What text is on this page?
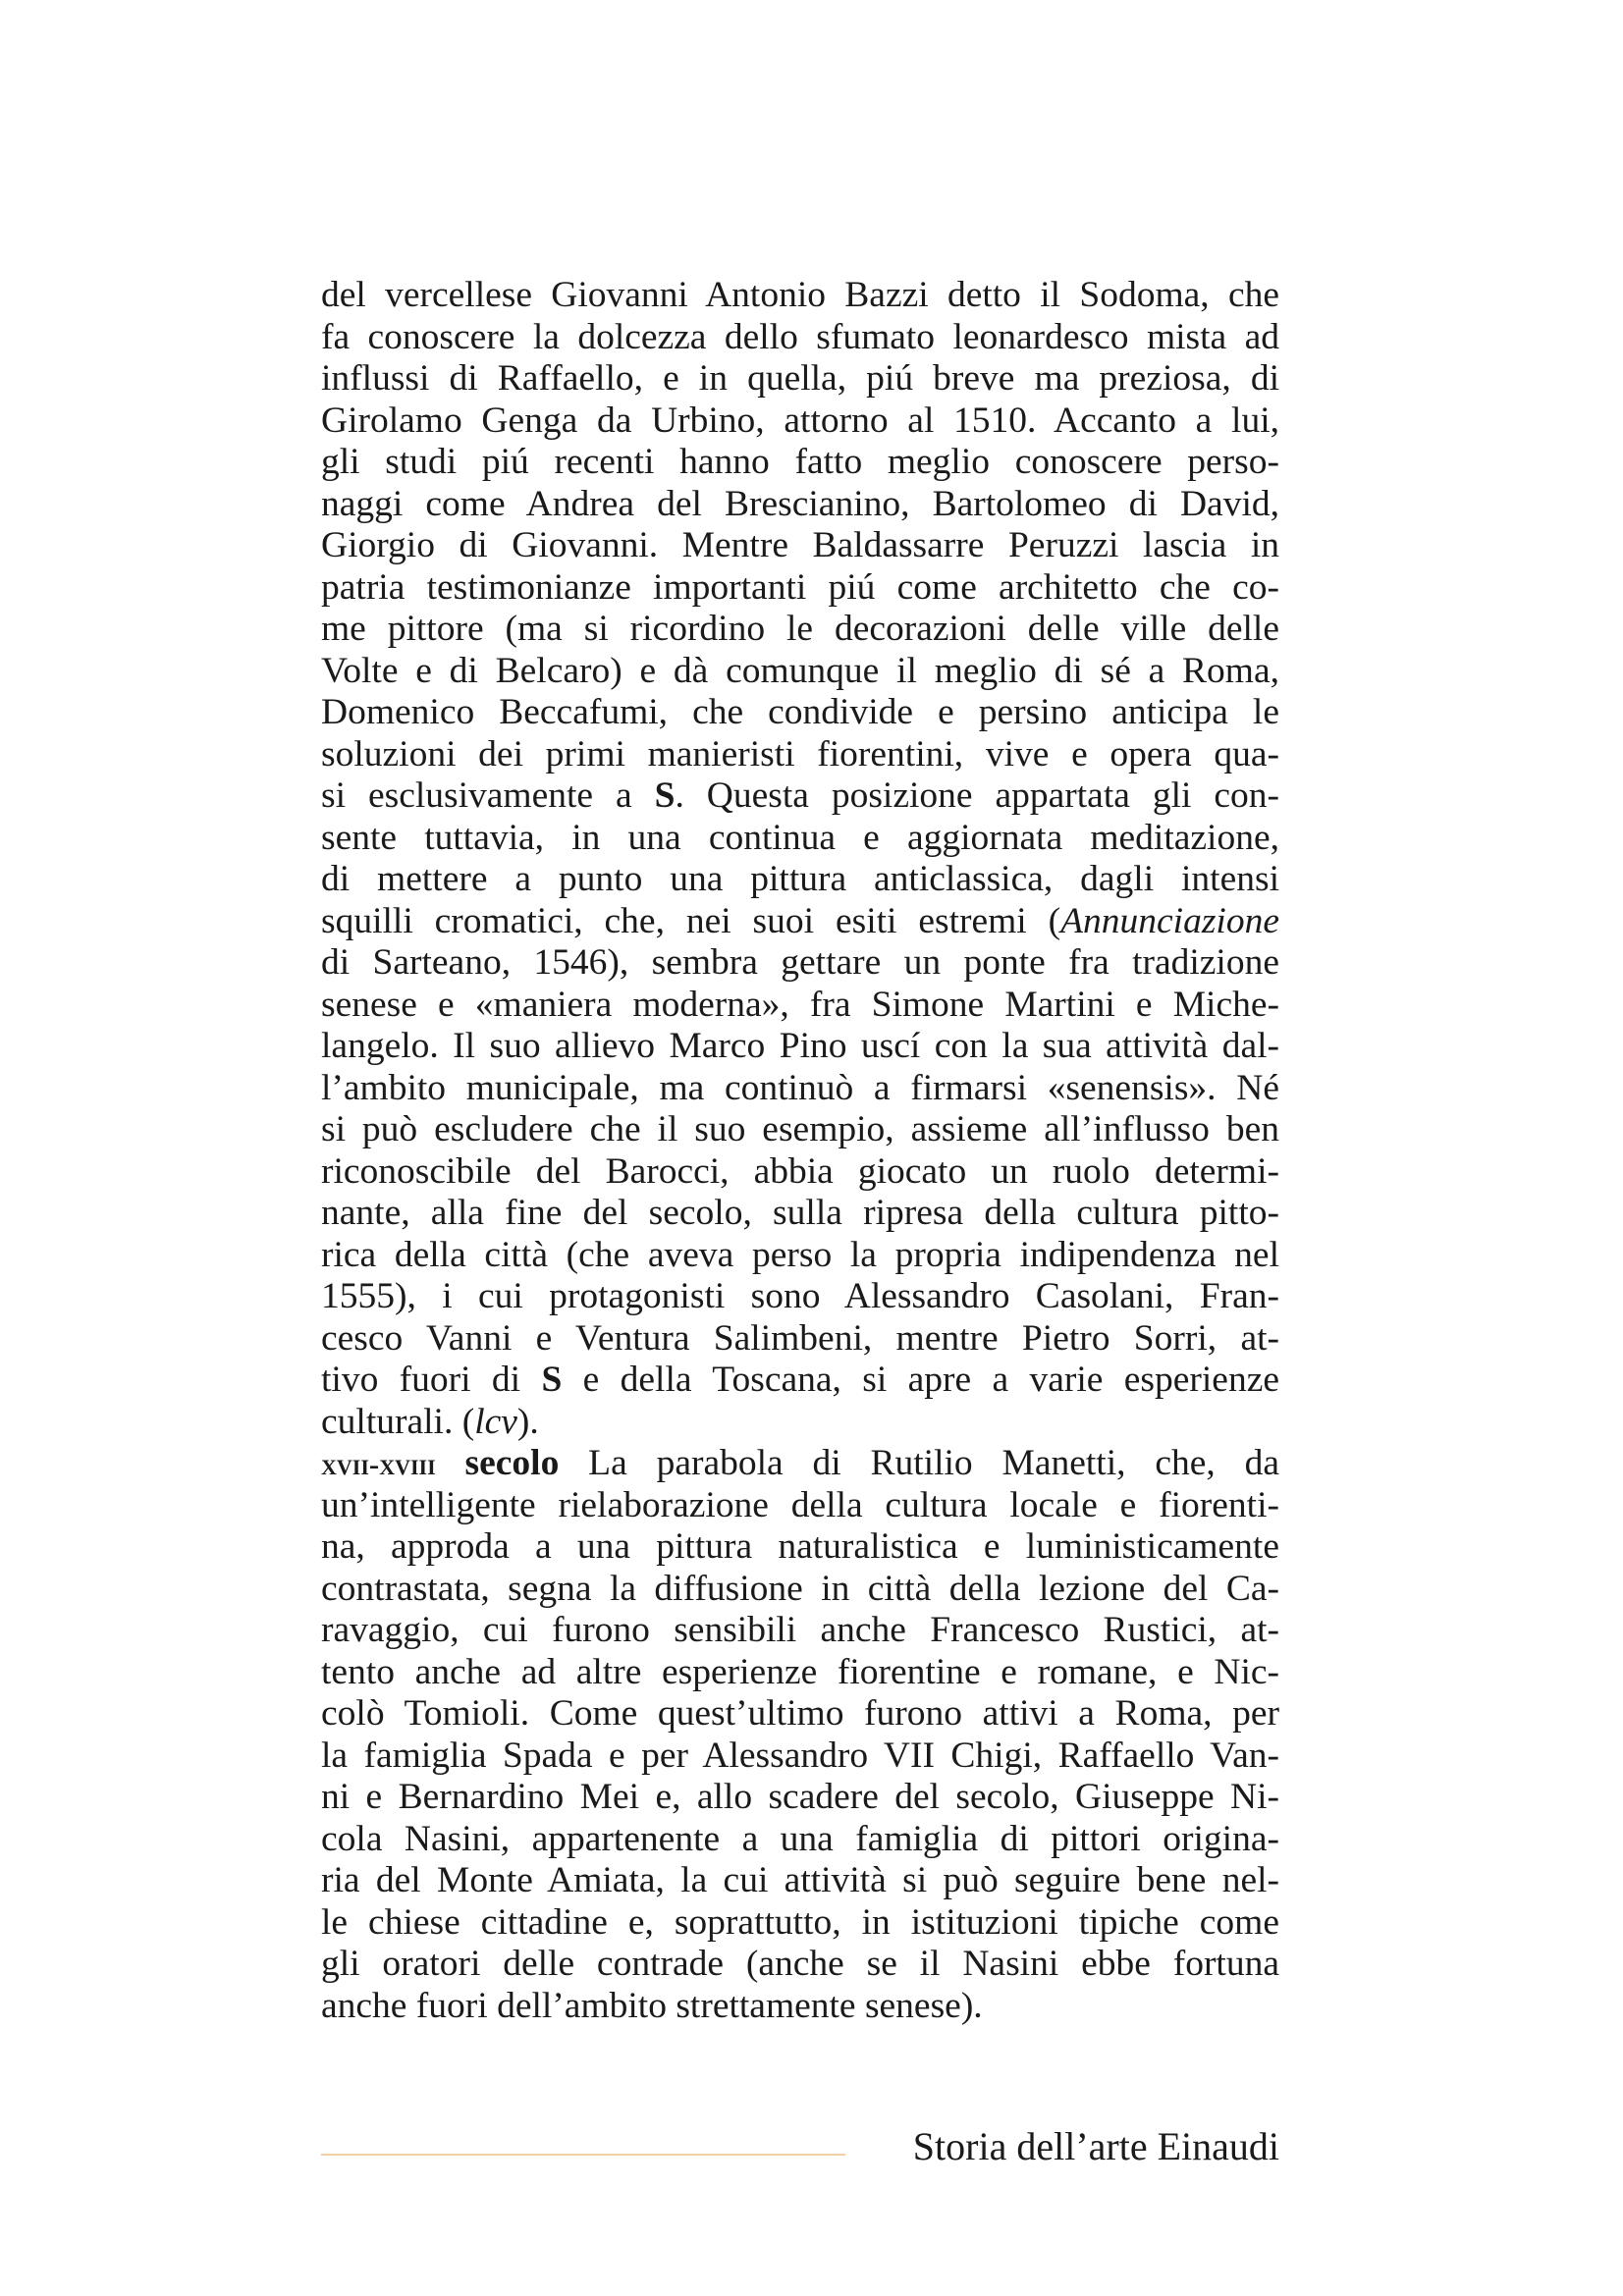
del vercellese Giovanni Antonio Bazzi detto il Sodoma, che
fa conoscere la dolcezza dello sfumato leonardesco mista ad
influssi di Raffaello, e in quella, piú breve ma preziosa, di
Girolamo Genga da Urbino, attorno al 1510. Accanto a lui,
gli studi piú recenti hanno fatto meglio conoscere perso-
naggi come Andrea del Brescianino, Bartolomeo di David,
Giorgio di Giovanni. Mentre Baldassarre Peruzzi lascia in
patria testimonianze importanti piú come architetto che co-
me pittore (ma si ricordino le decorazioni delle ville delle
Volte e di Belcaro) e dà comunque il meglio di sé a Roma,
Domenico Beccafumi, che condivide e persino anticipa le
soluzioni dei primi manieristi fiorentini, vive e opera qua-
si esclusivamente a S. Questa posizione appartata gli con-
sente tuttavia, in una continua e aggiornata meditazione,
di mettere a punto una pittura anticlassica, dagli intensi
squilli cromatici, che, nei suoi esiti estremi (Annunciazione
di Sarteano, 1546), sembra gettare un ponte fra tradizione
senese e «maniera moderna», fra Simone Martini e Miche-
langelo. Il suo allievo Marco Pino uscí con la sua attività dal-
l’ambito municipale, ma continuò a firmarsi «senensis». Né
si può escludere che il suo esempio, assieme all’influsso ben
riconoscibile del Barocci, abbia giocato un ruolo determi-
nante, alla fine del secolo, sulla ripresa della cultura pitto-
rica della città (che aveva perso la propria indipendenza nel
1555), i cui protagonisti sono Alessandro Casolani, Fran-
cesco Vanni e Ventura Salimbeni, mentre Pietro Sorri, at-
tivo fuori di S e della Toscana, si apre a varie esperienze
culturali. (lcv).
xvii-xviii secolo La parabola di Rutilio Manetti, che, da
un’intelligente rielaborazione della cultura locale e fiorenti-
na, approda a una pittura naturalistica e luministicamente
contrastata, segna la diffusione in città della lezione del Ca-
ravaggio, cui furono sensibili anche Francesco Rustici, at-
tento anche ad altre esperienze fiorentine e romane, e Nic-
colò Tomioli. Come quest’ultimo furono attivi a Roma, per
la famiglia Spada e per Alessandro VII Chigi, Raffaello Van-
ni e Bernardino Mei e, allo scadere del secolo, Giuseppe Ni-
cola Nasini, appartenente a una famiglia di pittori origina-
ria del Monte Amiata, la cui attività si può seguire bene nel-
le chiese cittadine e, soprattutto, in istituzioni tipiche come
gli oratori delle contrade (anche se il Nasini ebbe fortuna
anche fuori dell’ambito strettamente senese).
Storia dell’arte Einaudi
